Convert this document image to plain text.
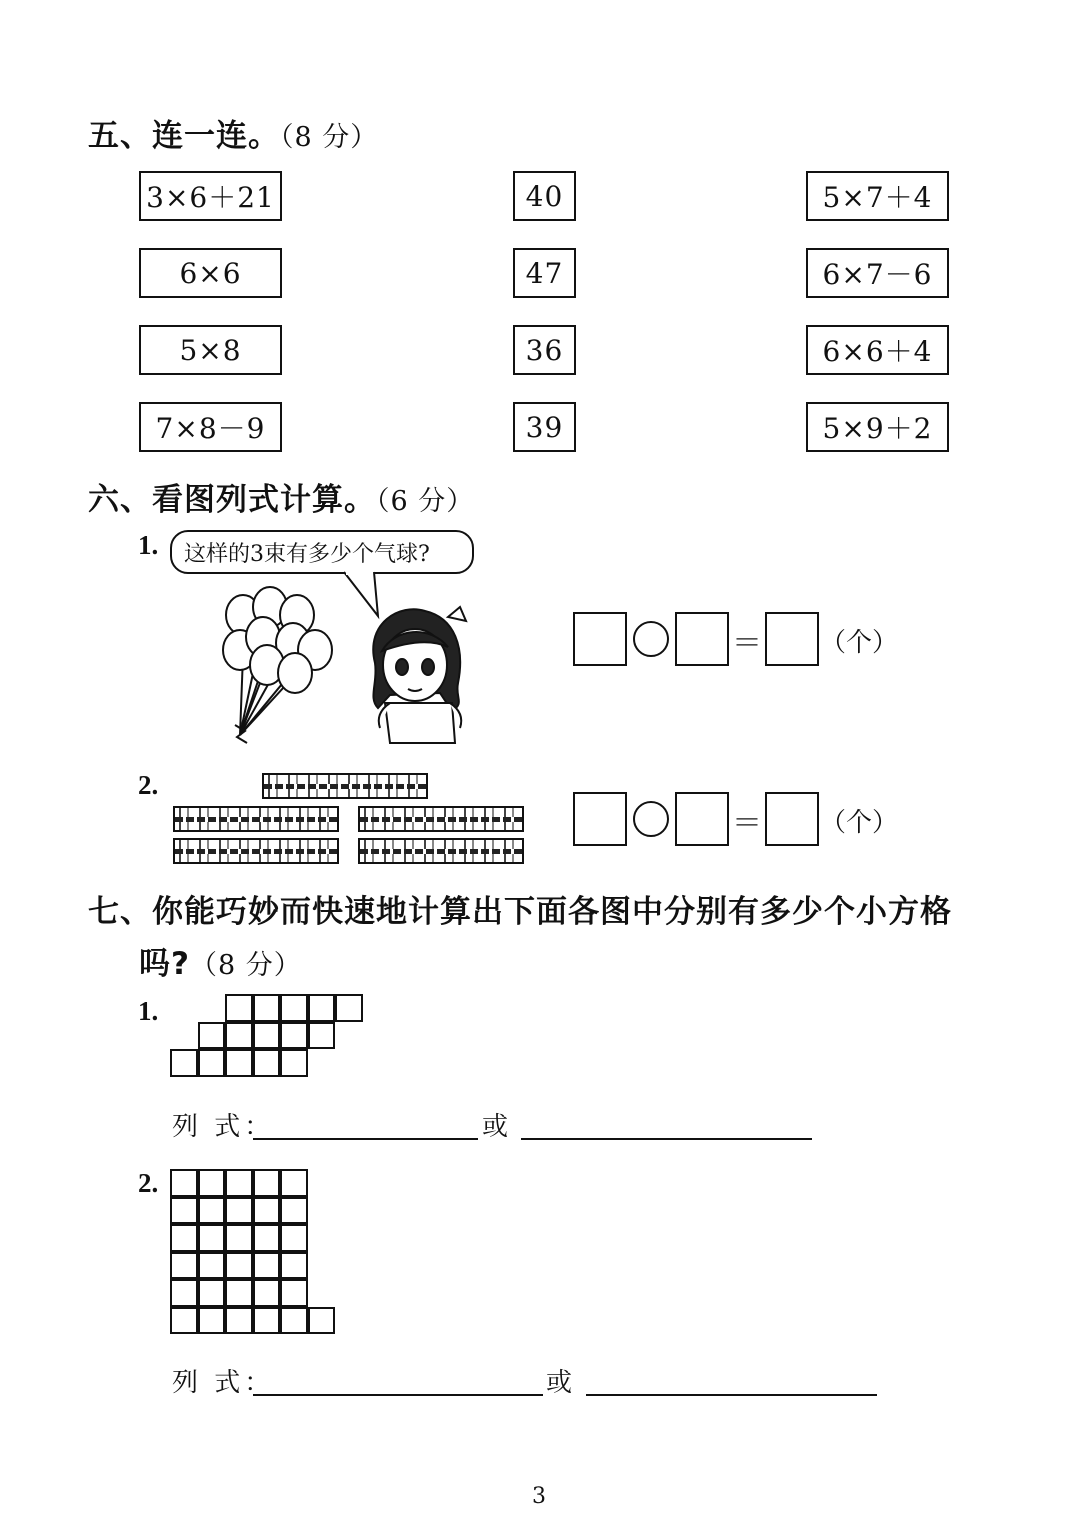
五、连一连。（8 分）
3×6＋21
6×6
5×8
7×8－9
40
47
36
39
5×7＋4
6×7－6
6×6＋4
5×9＋2
六、看图列式计算。（6 分）
1. 这样的3束有多少个气球?
＝ （个）
2.
＝ （个）
七、你能巧妙而快速地计算出下面各图中分别有多少个小方格
吗?（8 分）
1.
列 式：	或
2.
列 式：	或
3
